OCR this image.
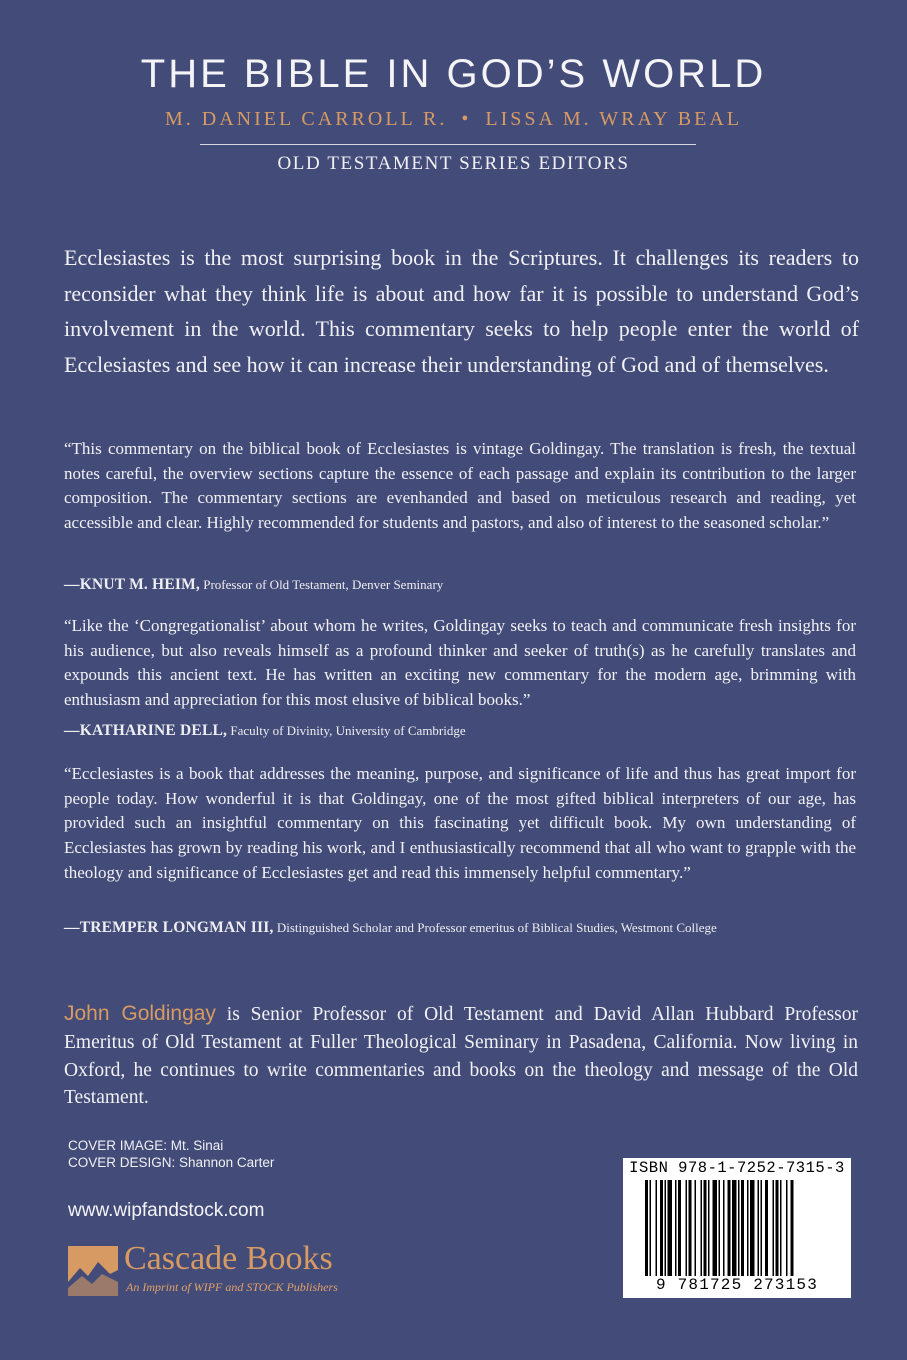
THE BIBLE IN GOD’S WORLD
M. DANIEL CARROLL R. • LISSA M. WRAY BEAL
OLD TESTAMENT SERIES EDITORS
Ecclesiastes is the most surprising book in the Scriptures. It challenges its readers to reconsider what they think life is about and how far it is possible to understand God’s involvement in the world. This commentary seeks to help people enter the world of Ecclesiastes and see how it can increase their understanding of God and of themselves.
“This commentary on the biblical book of Ecclesiastes is vintage Goldingay. The translation is fresh, the textual notes careful, the overview sections capture the essence of each passage and explain its contribution to the larger composition. The commentary sections are evenhanded and based on meticulous research and reading, yet accessible and clear. Highly recommended for students and pastors, and also of interest to the seasoned scholar.”
—KNUT M. HEIM, Professor of Old Testament, Denver Seminary
“Like the ‘Congregationalist’ about whom he writes, Goldingay seeks to teach and communicate fresh insights for his audience, but also reveals himself as a profound thinker and seeker of truth(s) as he carefully translates and expounds this ancient text. He has written an exciting new commentary for the modern age, brimming with enthusiasm and appreciation for this most elusive of biblical books.”
—KATHARINE DELL, Faculty of Divinity, University of Cambridge
“Ecclesiastes is a book that addresses the meaning, purpose, and significance of life and thus has great import for people today. How wonderful it is that Goldingay, one of the most gifted biblical interpreters of our age, has provided such an insightful commentary on this fascinating yet difficult book. My own understanding of Ecclesiastes has grown by reading his work, and I enthusiastically recommend that all who want to grapple with the theology and significance of Ecclesiastes get and read this immensely helpful commentary.”
—TREMPER LONGMAN III, Distinguished Scholar and Professor emeritus of Biblical Studies, Westmont College
John Goldingay is Senior Professor of Old Testament and David Allan Hubbard Professor Emeritus of Old Testament at Fuller Theological Seminary in Pasadena, California. Now living in Oxford, he continues to write commentaries and books on the theology and message of the Old Testament.
COVER IMAGE: Mt. Sinai
COVER DESIGN: Shannon Carter
www.wipfandstock.com
Cascade Books
An Imprint of WIPF and STOCK Publishers
ISBN 978-1-7252-7315-3
9 781725 273153
